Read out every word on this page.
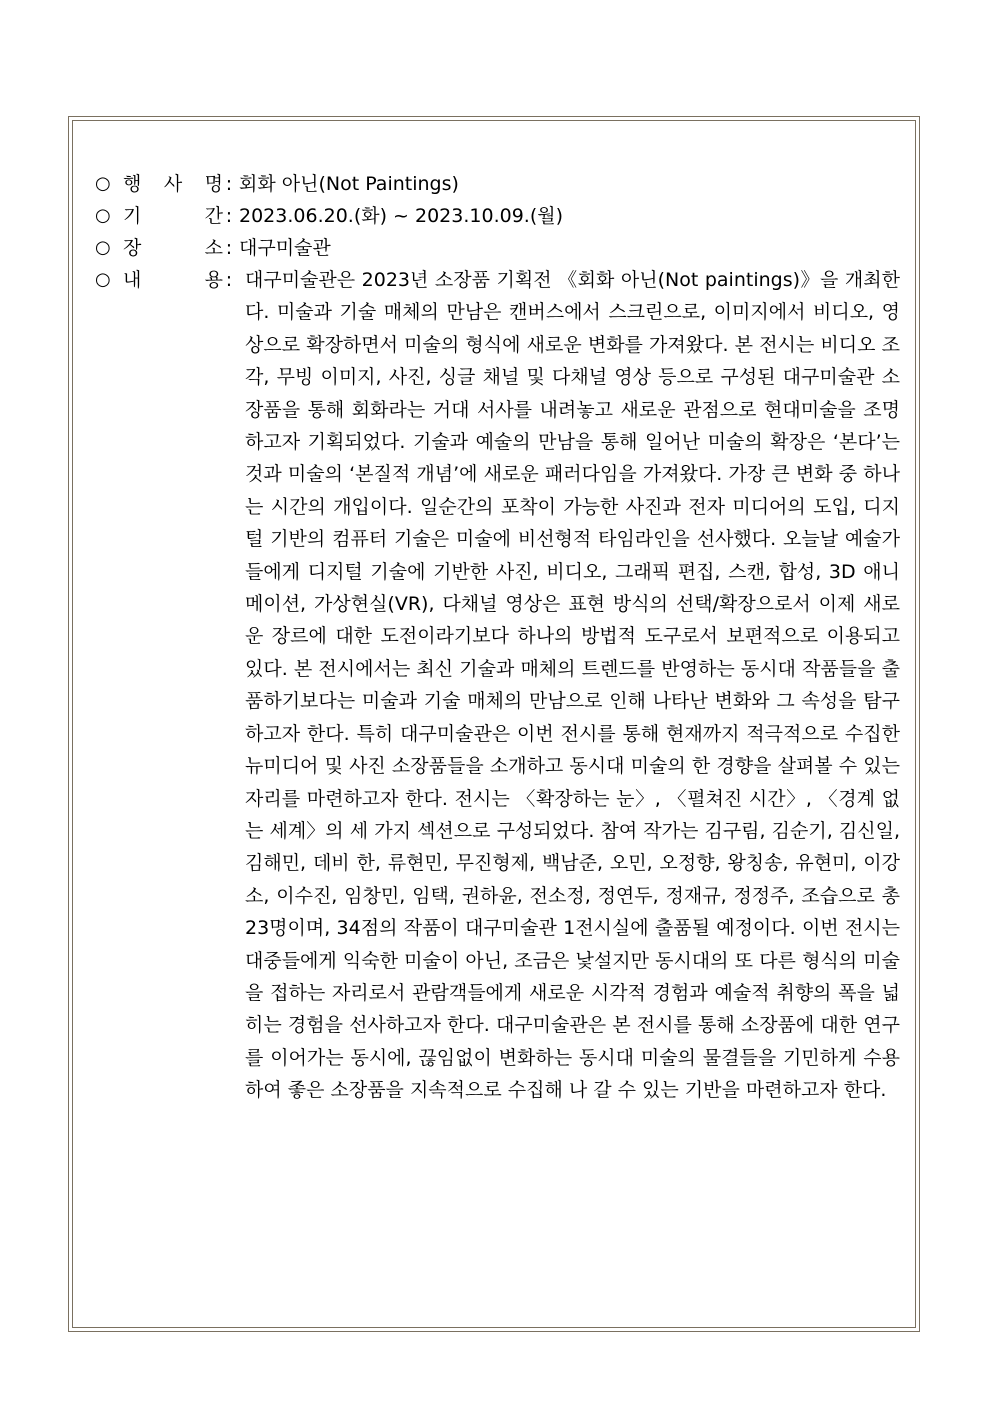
○ 행 사 명 : 회화 아닌(Not Paintings)
○ 기	간 : 2023.06.20.(화) ~ 2023.10.09.(월)
○ 장	소 : 대구미술관
○ 내	용 : 대구미술관은 2023년 소장품 기획전 《회화 아닌(Not paintings)》을 개최한다. 미술과 기술 매체의 만남은 캔버스에서 스크린으로, 이미지에서 비디오, 영상으로 확장하면서 미술의 형식에 새로운 변화를 가져왔다. 본 전시는 비디오 조각, 무빙 이미지, 사진, 싱글 채널 및 다채널 영상 등으로 구성된 대구미술관 소장품을 통해 회화라는 거대 서사를 내려놓고 새로운 관점으로 현대미술을 조명하고자 기획되었다. 기술과 예술의 만남을 통해 일어난 미술의 확장은 ‘본다’는 것과 미술의 ‘본질적 개념’에 새로운 패러다임을 가져왔다. 가장 큰 변화 중 하나는 시간의 개입이다. 일순간의 포착이 가능한 사진과 전자 미디어의 도입, 디지털 기반의 컴퓨터 기술은 미술에 비선형적 타임라인을 선사했다. 오늘날 예술가들에게 디지털 기술에 기반한 사진, 비디오, 그래픽 편집, 스캔, 합성, 3D 애니메이션, 가상현실(VR), 다채널 영상은 표현 방식의 선택/확장으로서 이제 새로운 장르에 대한 도전이라기보다 하나의 방법적 도구로서 보편적으로 이용되고 있다. 본 전시에서는 최신 기술과 매체의 트렌드를 반영하는 동시대 작품들을 출품하기보다는 미술과 기술 매체의 만남으로 인해 나타난 변화와 그 속성을 탐구하고자 한다. 특히 대구미술관은 이번 전시를 통해 현재까지 적극적으로 수집한 뉴미디어 및 사진 소장품들을 소개하고 동시대 미술의 한 경향을 살펴볼 수 있는 자리를 마련하고자 한다. 전시는 〈확장하는 눈〉, 〈펼쳐진 시간〉, 〈경계 없는 세계〉의 세 가지 섹션으로 구성되었다. 참여 작가는 김구림, 김순기, 김신일, 김해민, 데비 한, 류현민, 무진형제, 백남준, 오민, 오정향, 왕칭송, 유현미, 이강소, 이수진, 임창민, 임택, 권하윤, 전소정, 정연두, 정재규, 정정주, 조습으로 총 23명이며, 34점의 작품이 대구미술관 1전시실에 출품될 예정이다. 이번 전시는 대중들에게 익숙한 미술이 아닌, 조금은 낯설지만 동시대의 또 다른 형식의 미술을 접하는 자리로서 관람객들에게 새로운 시각적 경험과 예술적 취향의 폭을 넓히는 경험을 선사하고자 한다. 대구미술관은 본 전시를 통해 소장품에 대한 연구를 이어가는 동시에, 끊임없이 변화하는 동시대 미술의 물결들을 기민하게 수용하여 좋은 소장품을 지속적으로 수집해 나 갈 수 있는 기반을 마련하고자 한다.
